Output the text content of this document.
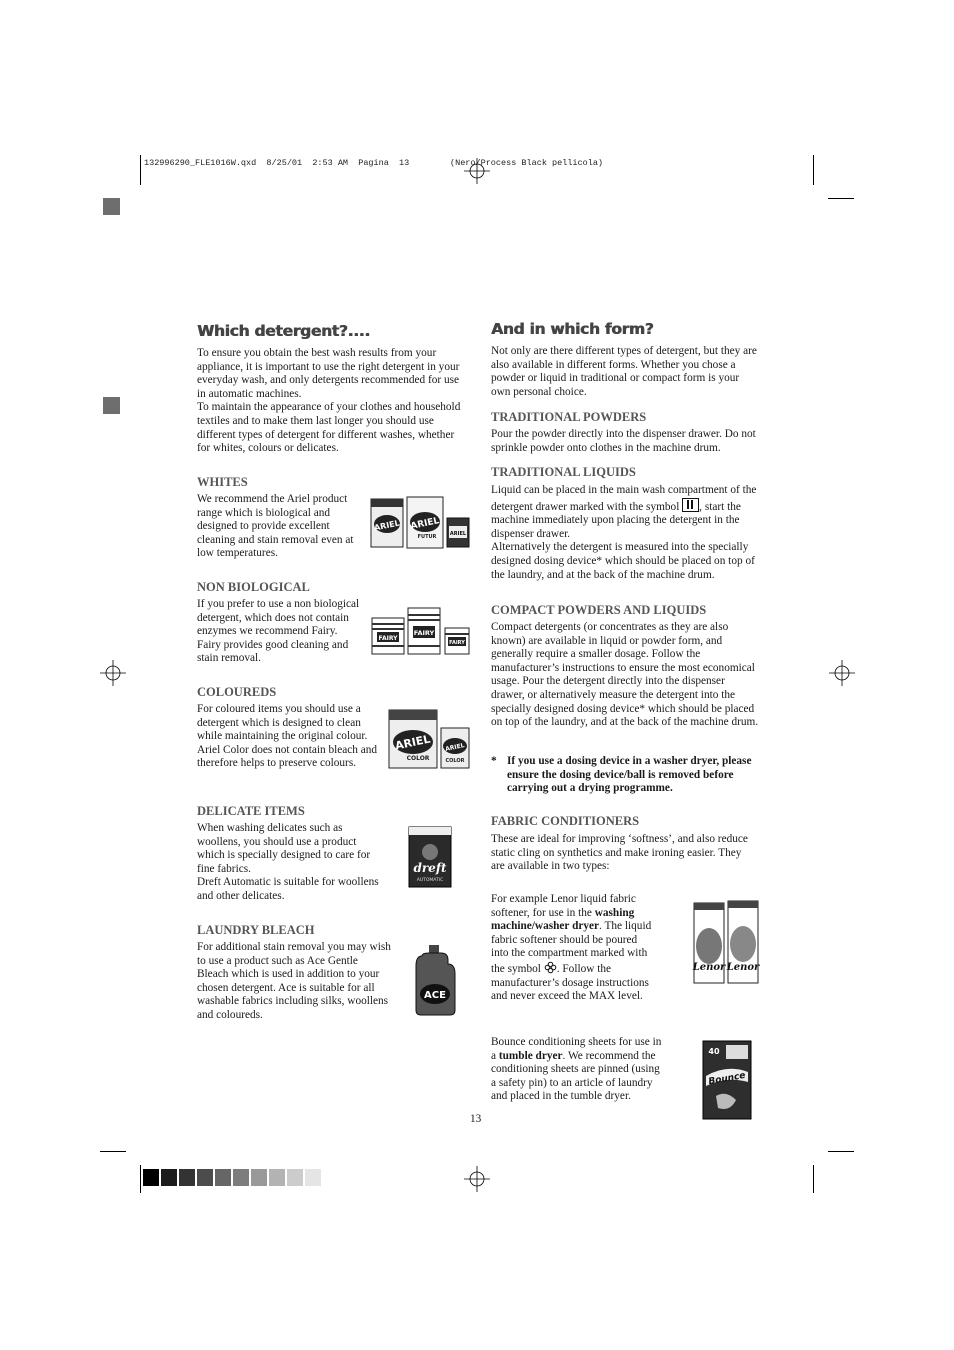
132996290_FLE1016W.qxd  8/25/01  2:53 AM  Pagina  13	(Nero/Process Black pellicola)
Which detergent?....
To ensure you obtain the best wash results from your appliance, it is important to use the right detergent in your everyday wash, and only detergents recommended for use in automatic machines.
To maintain the appearance of your clothes and household textiles and to make them last longer you should use different types of detergent for different washes, whether for whites, colours or delicates.
WHITES
We recommend the Ariel product range which is biological and designed to provide excellent cleaning and stain removal even at low temperatures.
NON BIOLOGICAL
If you prefer to use a non biological detergent, which does not contain enzymes we recommend Fairy. Fairy provides good cleaning and stain removal.
COLOUREDS
For coloured items you should use a detergent which is designed to clean while maintaining the original colour. Ariel Color does not contain bleach and therefore helps to preserve colours.
DELICATE ITEMS
When washing delicates such as woollens, you should use a product which is specially designed to care for fine fabrics.
Dreft Automatic is suitable for woollens and other delicates.
LAUNDRY BLEACH
For additional stain removal you may wish to use a product such as Ace Gentle Bleach which is used in addition to your chosen detergent. Ace is suitable for all washable fabrics including silks, woollens and coloureds.
ARIEL ARIEL
FUTUR	ARIEL
FAIRY
FAIRY
FAIRY
ARIEL
COLOR
ARIEL
COLOR
dreft
AUTOMATIC
ACE
And in which form?
Not only are there different types of detergent, but they are also available in different forms. Whether you chose a powder or liquid in traditional or compact form is your own personal choice.
TRADITIONAL POWDERS
Pour the powder directly into the dispenser drawer. Do not sprinkle powder onto clothes in the machine drum.
TRADITIONAL LIQUIDS
Liquid can be placed in the main wash compartment of the detergent drawer marked with the symbol , start the machine immediately upon placing the detergent in the dispenser drawer.
Alternatively the detergent is measured into the specially designed dosing device* which should be placed on top of the laundry, and at the back of the machine drum.
COMPACT POWDERS AND LIQUIDS
Compact detergents (or concentrates as they are also known) are available in liquid or powder form, and generally require a smaller dosage. Follow the manufacturer’s instructions to ensure the most economical usage. Pour the detergent directly into the dispenser drawer, or alternatively measure the detergent into the specially designed dosing device* which should be placed on top of the laundry, and at the back of the machine drum.
* If you use a dosing device in a washer dryer, please ensure the dosing device/ball is removed before carrying out a drying programme.
FABRIC CONDITIONERS
These are ideal for improving ‘softness’, and also reduce static cling on synthetics and make ironing easier. They are available in two types:
For example Lenor liquid fabric softener, for use in the washing machine/washer dryer. The liquid fabric softener should be poured into the compartment marked with the symbol . Follow the manufacturer’s dosage instructions and never exceed the MAX level.
Bounce conditioning sheets for use in a tumble dryer. We recommend the conditioning sheets are pinned (using a safety pin) to an article of laundry and placed in the tumble dryer.
Lenor Lenor
40
Bounce
13
